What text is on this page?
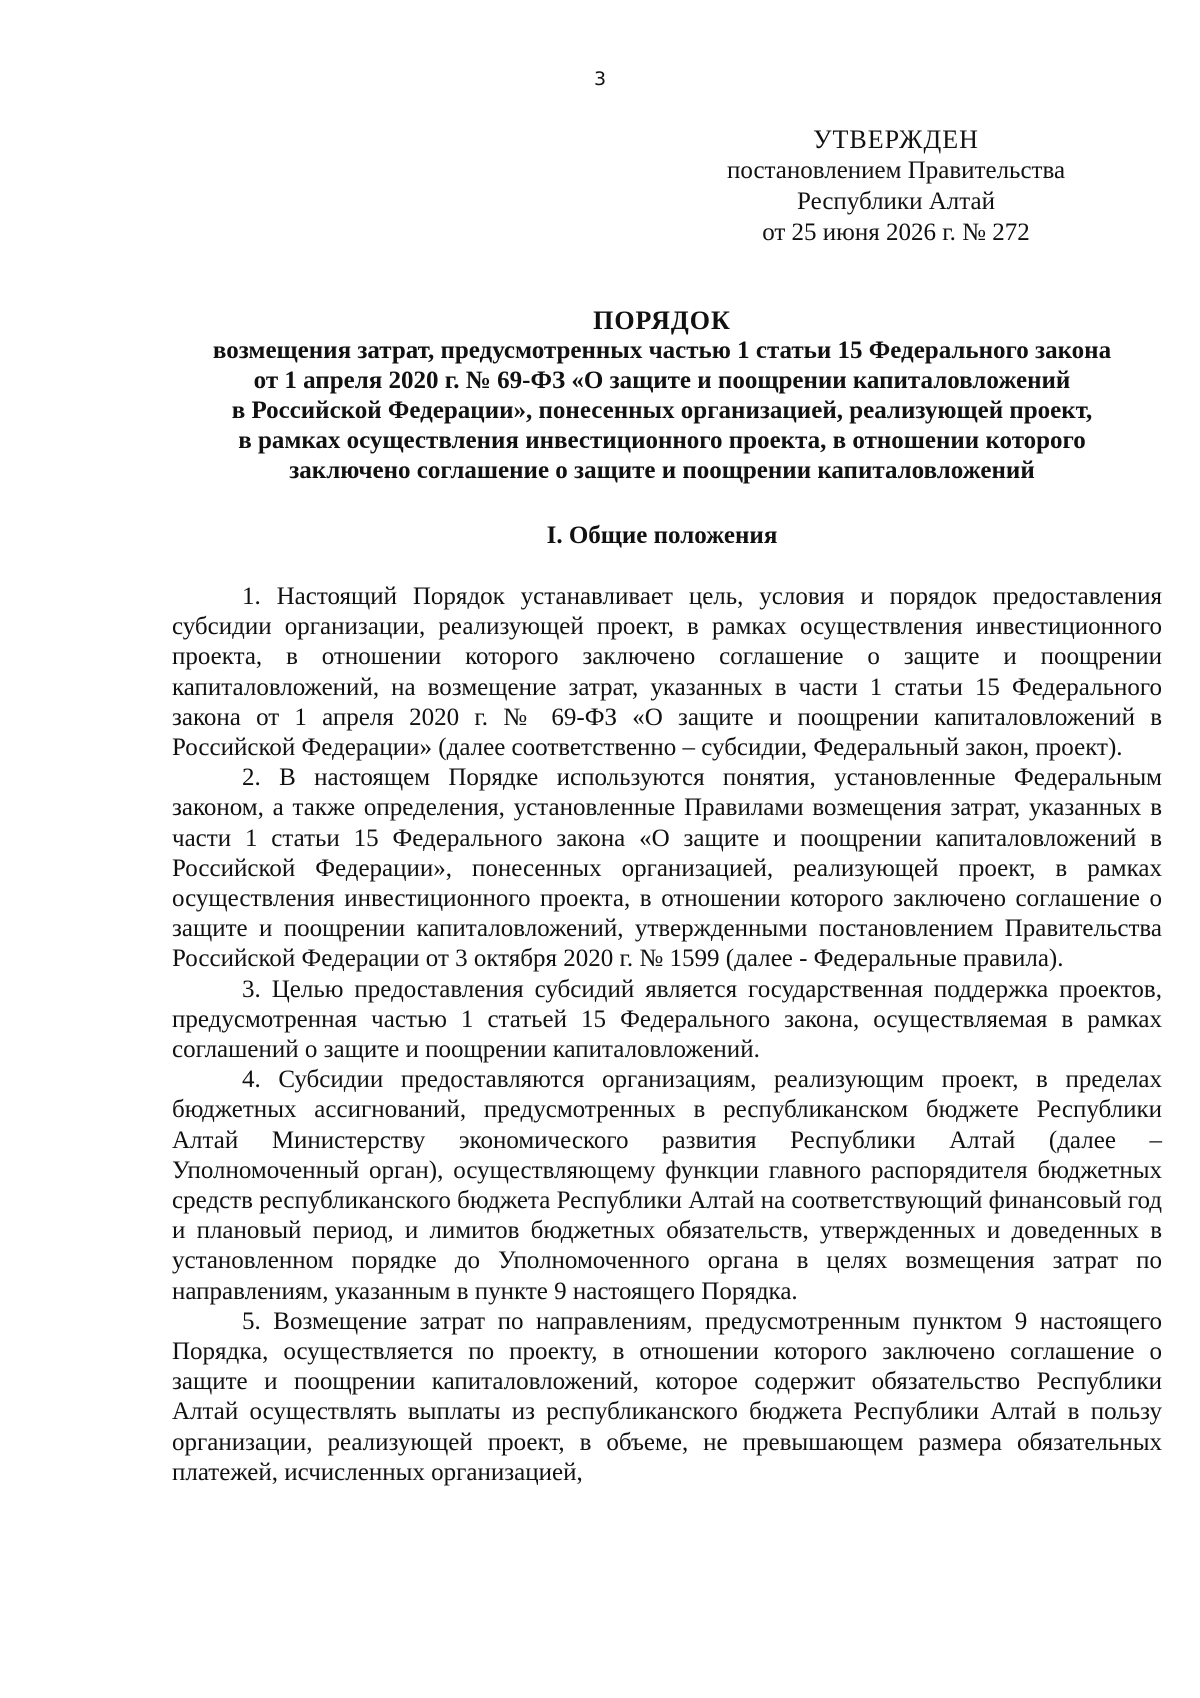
3
УТВЕРЖДЕН
постановлением Правительства
Республики Алтай
от 25 июня 2026 г. № 272
ПОРЯДОК
возмещения затрат, предусмотренных частью 1 статьи 15 Федерального закона
от 1 апреля 2020 г. № 69-ФЗ «О защите и поощрении капиталовложений
в Российской Федерации», понесенных организацией, реализующей проект,
в рамках осуществления инвестиционного проекта, в отношении которого
заключено соглашение о защите и поощрении капиталовложений
I. Общие положения

1. Настоящий Порядок устанавливает цель, условия и порядок предоставления субсидии организации, реализующей проект, в рамках осуществления инвестиционного проекта, в отношении которого заключено соглашение о защите и поощрении капиталовложений, на возмещение затрат, указанных в части 1 статьи 15 Федерального закона от 1 апреля 2020 г. № 69-ФЗ «О защите и поощрении капиталовложений в Российской Федерации» (далее соответственно – субсидии, Федеральный закон, проект).

2. В настоящем Порядке используются понятия, установленные Федеральным законом, а также определения, установленные Правилами возмещения затрат, указанных в части 1 статьи 15 Федерального закона «О защите и поощрении капиталовложений в Российской Федерации», понесенных организацией, реализующей проект, в рамках осуществления инвестиционного проекта, в отношении которого заключено соглашение о защите и поощрении капиталовложений, утвержденными постановлением Правительства Российской Федерации от 3 октября 2020 г. № 1599 (далее - Федеральные правила).

3. Целью предоставления субсидий является государственная поддержка проектов, предусмотренная частью 1 статьей 15 Федерального закона, осуществляемая в рамках соглашений о защите и поощрении капиталовложений.

4. Субсидии предоставляются организациям, реализующим проект, в пределах бюджетных ассигнований, предусмотренных в республиканском бюджете Республики Алтай Министерству экономического развития Республики Алтай (далее – Уполномоченный орган), осуществляющему функции главного распорядителя бюджетных средств республиканского бюджета Республики Алтай на соответствующий финансовый год и плановый период, и лимитов бюджетных обязательств, утвержденных и доведенных в установленном порядке до Уполномоченного органа в целях возмещения затрат по направлениям, указанным в пункте 9 настоящего Порядка.

5. Возмещение затрат по направлениям, предусмотренным пунктом 9 настоящего Порядка, осуществляется по проекту, в отношении которого заключено соглашение о защите и поощрении капиталовложений, которое содержит обязательство Республики Алтай осуществлять выплаты из республиканского бюджета Республики Алтай в пользу организации, реализующей проект, в объеме, не превышающем размера обязательных платежей, исчисленных организацией,
